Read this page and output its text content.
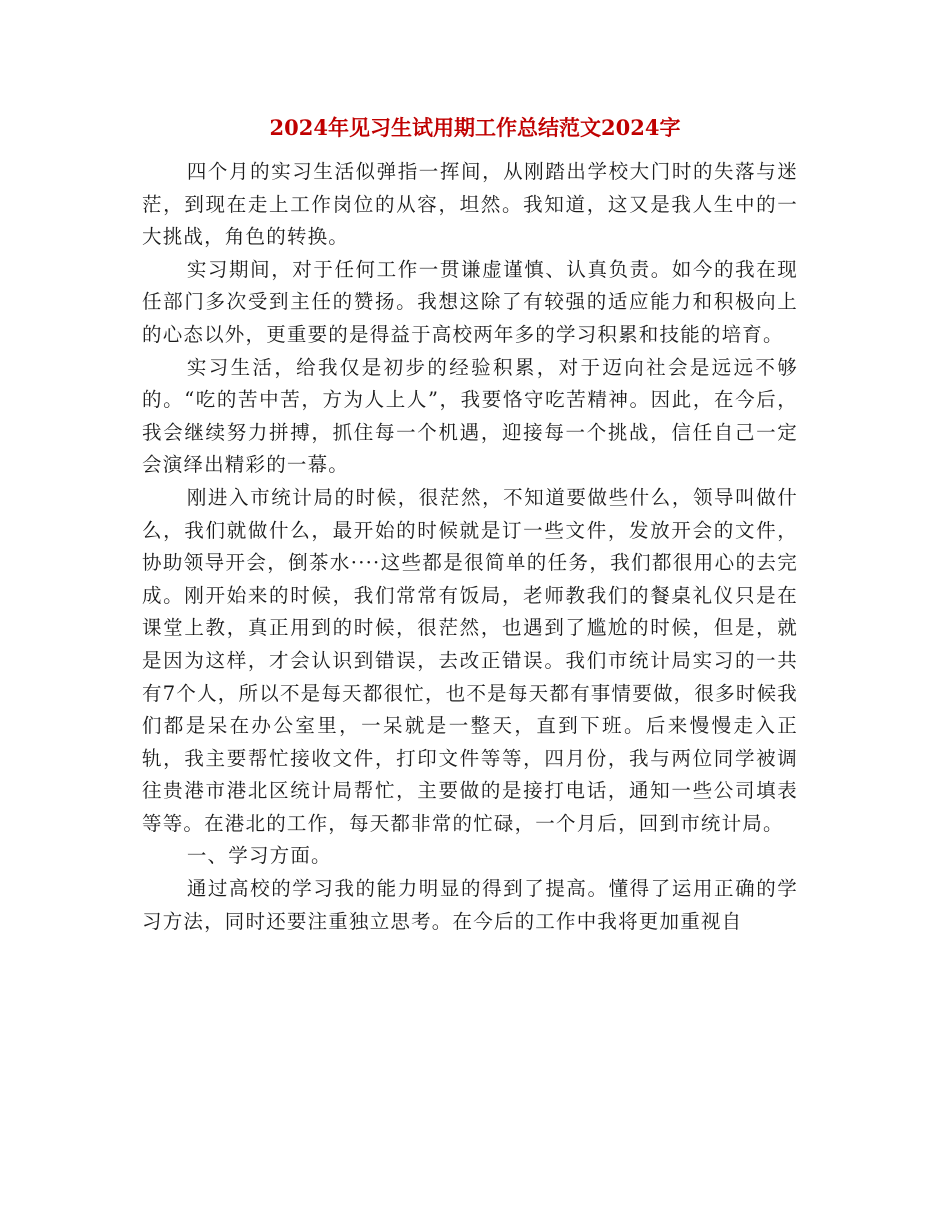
2024年见习生试用期工作总结范文2024字

四个月的实习生活似弹指一挥间，从刚踏出学校大门时的失落与迷茫，到现在走上工作岗位的从容，坦然。我知道，这又是我人生中的一大挑战，角色的转换。

实习期间，对于任何工作一贯谦虚谨慎、认真负责。如今的我在现任部门多次受到主任的赞扬。我想这除了有较强的适应能力和积极向上的心态以外，更重要的是得益于高校两年多的学习积累和技能的培育。

实习生活，给我仅是初步的经验积累，对于迈向社会是远远不够的。“吃的苦中苦，方为人上人”，我要恪守吃苦精神。因此，在今后，我会继续努力拼搏，抓住每一个机遇，迎接每一个挑战，信任自己一定会演绎出精彩的一幕。

刚进入市统计局的时候，很茫然，不知道要做些什么，领导叫做什么，我们就做什么，最开始的时候就是订一些文件，发放开会的文件，协助领导开会，倒茶水····这些都是很简单的任务，我们都很用心的去完成。刚开始来的时候，我们常常有饭局，老师教我们的餐桌礼仪只是在课堂上教，真正用到的时候，很茫然，也遇到了尴尬的时候，但是，就是因为这样，才会认识到错误，去改正错误。我们市统计局实习的一共有7个人，所以不是每天都很忙，也不是每天都有事情要做，很多时候我们都是呆在办公室里，一呆就是一整天，直到下班。后来慢慢走入正轨，我主要帮忙接收文件，打印文件等等，四月份，我与两位同学被调往贵港市港北区统计局帮忙，主要做的是接打电话，通知一些公司填表等等。在港北的工作，每天都非常的忙碌，一个月后，回到市统计局。

一、学习方面。

通过高校的学习我的能力明显的得到了提高。懂得了运用正确的学习方法，同时还要注重独立思考。在今后的工作中我将更加重视自
